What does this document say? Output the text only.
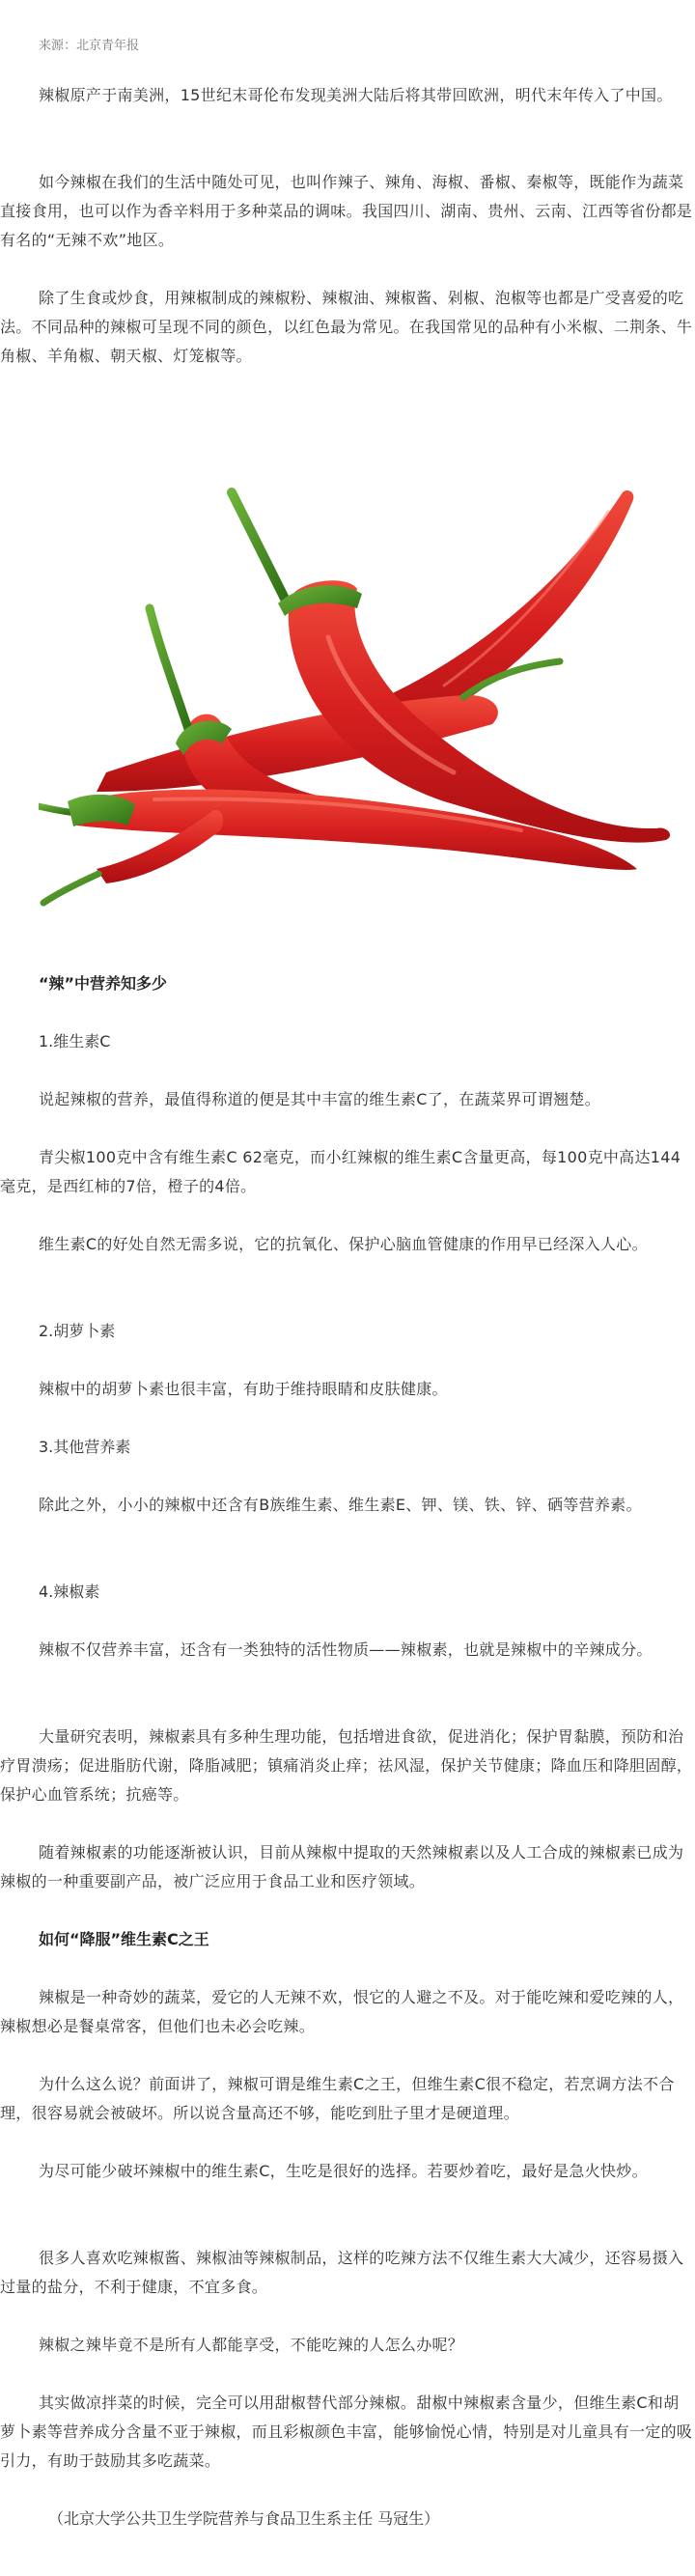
来源：北京青年报

辣椒原产于南美洲，15世纪末哥伦布发现美洲大陆后将其带回欧洲，明代末年传入了中国。

如今辣椒在我们的生活中随处可见，也叫作辣子、辣角、海椒、番椒、秦椒等，既能作为蔬菜直接食用，也可以作为香辛料用于多种菜品的调味。我国四川、湖南、贵州、云南、江西等省份都是有名的“无辣不欢”地区。

除了生食或炒食，用辣椒制成的辣椒粉、辣椒油、辣椒酱、剁椒、泡椒等也都是广受喜爱的吃法。不同品种的辣椒可呈现不同的颜色，以红色最为常见。在我国常见的品种有小米椒、二荆条、牛角椒、羊角椒、朝天椒、灯笼椒等。

“辣”中营养知多少

1.维生素C

说起辣椒的营养，最值得称道的便是其中丰富的维生素C了，在蔬菜界可谓翘楚。

青尖椒100克中含有维生素C 62毫克，而小红辣椒的维生素C含量更高，每100克中高达144毫克，是西红柿的7倍，橙子的4倍。

维生素C的好处自然无需多说，它的抗氧化、保护心脑血管健康的作用早已经深入人心。

2.胡萝卜素

辣椒中的胡萝卜素也很丰富，有助于维持眼睛和皮肤健康。

3.其他营养素

除此之外，小小的辣椒中还含有B族维生素、维生素E、钾、镁、铁、锌、硒等营养素。

4.辣椒素

辣椒不仅营养丰富，还含有一类独特的活性物质——辣椒素，也就是辣椒中的辛辣成分。

大量研究表明，辣椒素具有多种生理功能，包括增进食欲，促进消化；保护胃黏膜，预防和治疗胃溃疡；促进脂肪代谢，降脂减肥；镇痛消炎止痒；祛风湿，保护关节健康；降血压和降胆固醇，保护心血管系统；抗癌等。

随着辣椒素的功能逐渐被认识，目前从辣椒中提取的天然辣椒素以及人工合成的辣椒素已成为辣椒的一种重要副产品，被广泛应用于食品工业和医疗领域。

如何“降服”维生素C之王

辣椒是一种奇妙的蔬菜，爱它的人无辣不欢，恨它的人避之不及。对于能吃辣和爱吃辣的人，辣椒想必是餐桌常客，但他们也未必会吃辣。

为什么这么说？前面讲了，辣椒可谓是维生素C之王，但维生素C很不稳定，若烹调方法不合理，很容易就会被破坏。所以说含量高还不够，能吃到肚子里才是硬道理。

为尽可能少破坏辣椒中的维生素C，生吃是很好的选择。若要炒着吃，最好是急火快炒。

很多人喜欢吃辣椒酱、辣椒油等辣椒制品，这样的吃辣方法不仅维生素大大减少，还容易摄入过量的盐分，不利于健康，不宜多食。

辣椒之辣毕竟不是所有人都能享受，不能吃辣的人怎么办呢？

其实做凉拌菜的时候，完全可以用甜椒替代部分辣椒。甜椒中辣椒素含量少，但维生素C和胡萝卜素等营养成分含量不亚于辣椒，而且彩椒颜色丰富，能够愉悦心情，特别是对儿童具有一定的吸引力，有助于鼓励其多吃蔬菜。

（北京大学公共卫生学院营养与食品卫生系主任 马冠生）
